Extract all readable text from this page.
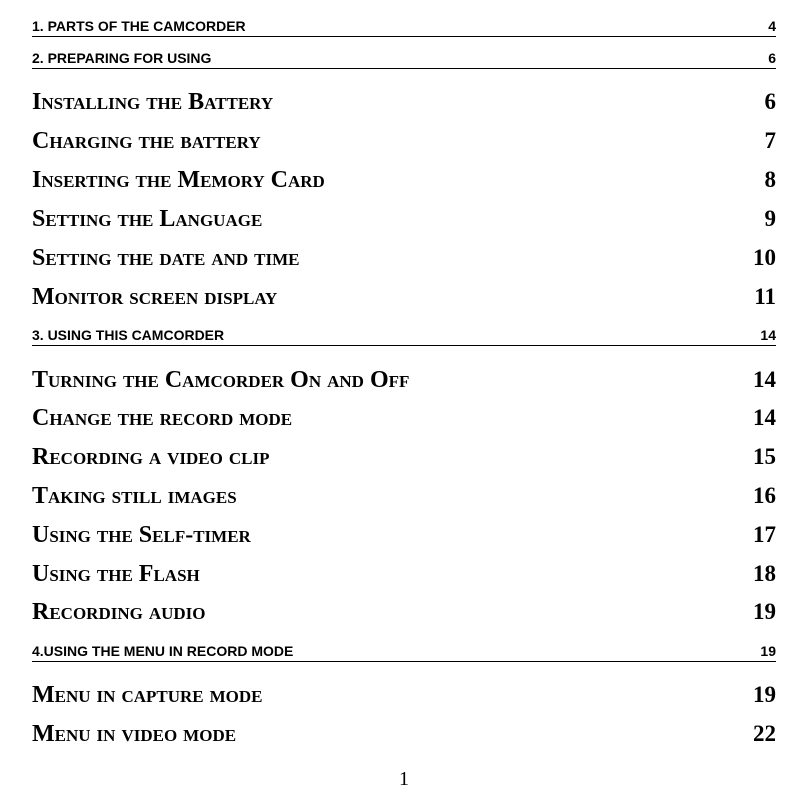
1. PARTS OF THE CAMCORDER	4
2. PREPARING FOR USING	6
Installing the Battery	6
Charging the battery	7
Inserting the Memory Card	8
Setting the Language	9
Setting the date and time	10
Monitor screen display	11
3. USING THIS CAMCORDER	14
Turning the Camcorder On and Off	14
Change the record mode	14
Recording a video clip	15
Taking still images	16
Using the Self-timer	17
Using the Flash	18
Recording audio	19
4.USING THE MENU IN RECORD MODE	19
Menu in capture mode	19
Menu in video mode	22
1
